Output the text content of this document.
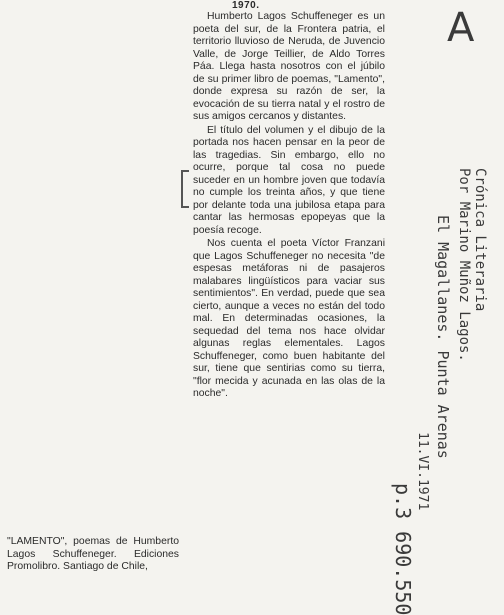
1970.

Humberto Lagos Schuffeneger es un poeta del sur, de la Frontera patria, el territorio lluvioso de Neruda, de Juvencio Valle, de Jorge Teillier, de Aldo Torres Páa. Llega hasta nosotros con el júbilo de su primer libro de poemas, "Lamento", donde expresa su razón de ser, la evocación de su tierra natal y el rostro de sus amigos cercanos y distantes.

El título del volumen y el dibujo de la portada nos hacen pensar en la peor de las tragedias. Sin embargo, ello no ocurre, porque tal cosa no puede suceder en un hombre joven que todavía no cumple los treinta años, y que tiene por delante toda una jubilosa etapa para cantar las hermosas epopeyas que la poesía recoge.

Nos cuenta el poeta Víctor Franzani que Lagos Schuffeneger no necesita "de espesas metáforas ni de pasajeros malabares lingüísticos para vaciar sus sentimientos". En verdad, puede que sea cierto, aunque a veces no están del todo mal. En determinadas ocasiones, la sequedad del tema nos hace olvidar algunas reglas elementales. Lagos Schuffeneger, como buen habitante del sur, tiene que sentirias como su tierra, "flor mecida y acunada en las olas de la noche".

"LAMENTO", poemas de Humberto Lagos Schuffeneger. Ediciones Promolibro. Santiago de Chile,

A
Crónica Literaria
Por Marino Muñoz Lagos.
El Magallanes. Punta Arenas
11.VI.1971
p.3 690.550
